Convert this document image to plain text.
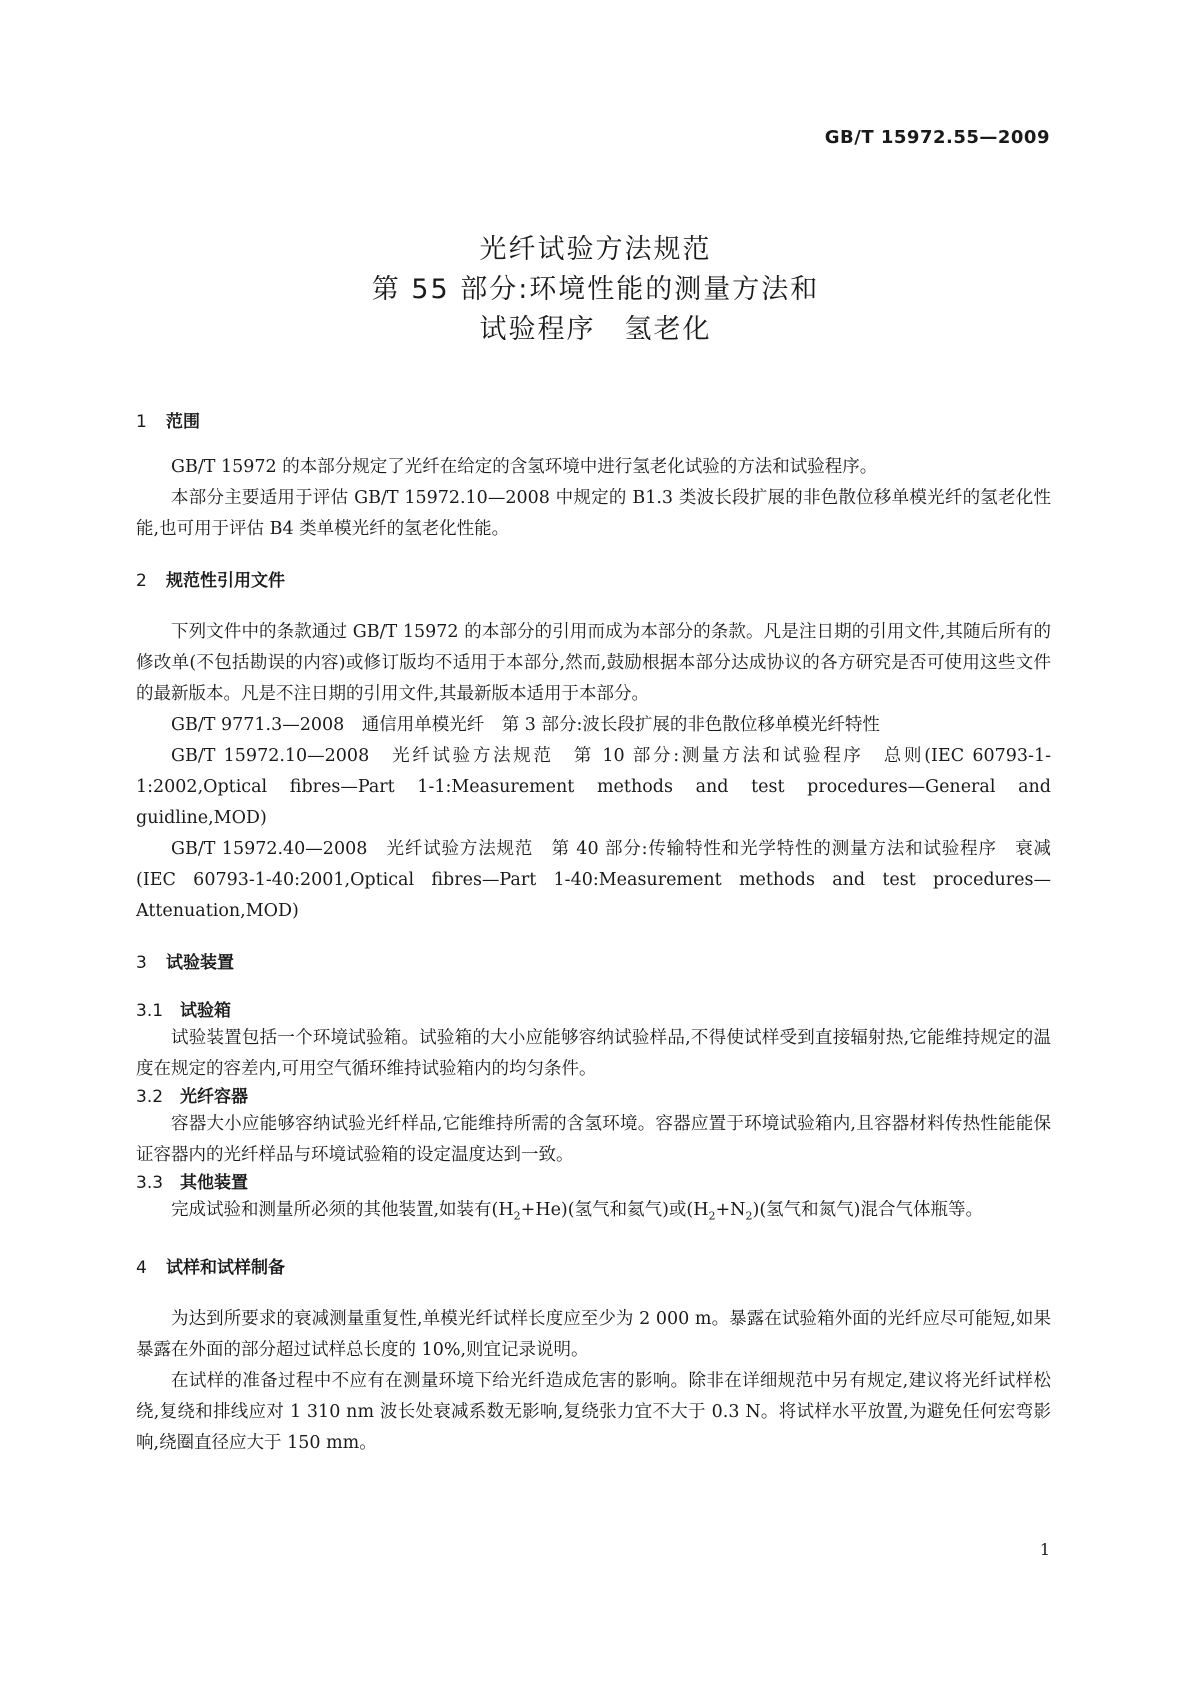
GB/T 15972.55—2009

光纤试验方法规范

第 55 部分:环境性能的测量方法和

试验程序　氢老化

1 范围

GB/T 15972 的本部分规定了光纤在给定的含氢环境中进行氢老化试验的方法和试验程序。

本部分主要适用于评估 GB/T 15972.10—2008 中规定的 B1.3 类波长段扩展的非色散位移单模光纤的氢老化性能,也可用于评估 B4 类单模光纤的氢老化性能。

2 规范性引用文件

下列文件中的条款通过 GB/T 15972 的本部分的引用而成为本部分的条款。凡是注日期的引用文件,其随后所有的修改单(不包括勘误的内容)或修订版均不适用于本部分,然而,鼓励根据本部分达成协议的各方研究是否可使用这些文件的最新版本。凡是不注日期的引用文件,其最新版本适用于本部分。

GB/T 9771.3—2008　通信用单模光纤　第 3 部分:波长段扩展的非色散位移单模光纤特性

GB/T 15972.10—2008　光纤试验方法规范　第 10 部分:测量方法和试验程序　总则(IEC 60793-1-1:2002,Optical fibres—Part 1-1:Measurement methods and test procedures—General and guidline,MOD)

GB/T 15972.40—2008　光纤试验方法规范　第 40 部分:传输特性和光学特性的测量方法和试验程序　衰减(IEC 60793-1-40:2001,Optical fibres—Part 1-40:Measurement methods and test procedures—Attenuation,MOD)

3 试验装置
3.1 试验箱

试验装置包括一个环境试验箱。试验箱的大小应能够容纳试验样品,不得使试样受到直接辐射热,它能维持规定的温度在规定的容差内,可用空气循环维持试验箱内的均匀条件。

3.2 光纤容器

容器大小应能够容纳试验光纤样品,它能维持所需的含氢环境。容器应置于环境试验箱内,且容器材料传热性能能保证容器内的光纤样品与环境试验箱的设定温度达到一致。

3.3 其他装置

完成试验和测量所必须的其他装置,如装有$(H_2+He)$(氢气和氦气)或$(H_2+N_2)$(氢气和氮气)混合气体瓶等。

4 试样和试样制备

为达到所要求的衰减测量重复性,单模光纤试样长度应至少为 2 000 m。暴露在试验箱外面的光纤应尽可能短,如果暴露在外面的部分超过试样总长度的 10%,则宜记录说明。

在试样的准备过程中不应有在测量环境下给光纤造成危害的影响。除非在详细规范中另有规定,建议将光纤试样松绕,复绕和排线应对 1 310 nm 波长处衰减系数无影响,复绕张力宜不大于 0.3 N。将试样水平放置,为避免任何宏弯影响,绕圈直径应大于 150 mm。

1
